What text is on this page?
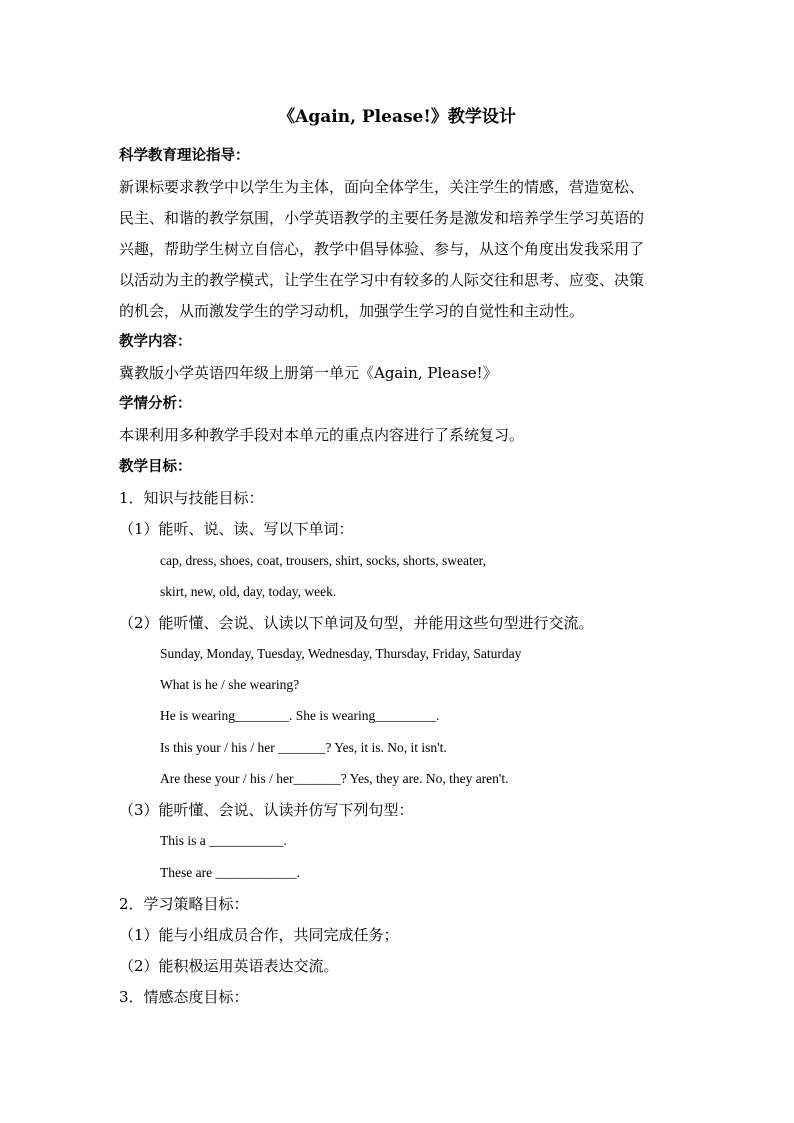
《Again, Please!》教学设计
科学教育理论指导：
新课标要求教学中以学生为主体，面向全体学生，关注学生的情感，营造宽松、
民主、和谐的教学氛围，小学英语教学的主要任务是激发和培养学生学习英语的
兴趣，帮助学生树立自信心，教学中倡导体验、参与，从这个角度出发我采用了
以活动为主的教学模式，让学生在学习中有较多的人际交往和思考、应变、决策
的机会，从而激发学生的学习动机，加强学生学习的自觉性和主动性。
教学内容：
冀教版小学英语四年级上册第一单元《Again, Please!》
学情分析：
本课利用多种教学手段对本单元的重点内容进行了系统复习。
教学目标：
1．知识与技能目标：
（1）能听、说、读、写以下单词：
cap, dress, shoes, coat, trousers, shirt, socks, shorts, sweater,
skirt, new, old, day, today, week.
（2）能听懂、会说、认读以下单词及句型，并能用这些句型进行交流。
Sunday, Monday, Tuesday, Wednesday, Thursday, Friday, Saturday
What is he / she wearing?
He is wearing________. She is wearing_________.
Is this your / his / her _______? Yes, it is. No, it isn't.
Are these your / his / her_______? Yes, they are. No, they aren't.
（3）能听懂、会说、认读并仿写下列句型：
This is a ___________.
These are ____________.
2．学习策略目标：
（1）能与小组成员合作，共同完成任务；
（2）能积极运用英语表达交流。
3．情感态度目标：
